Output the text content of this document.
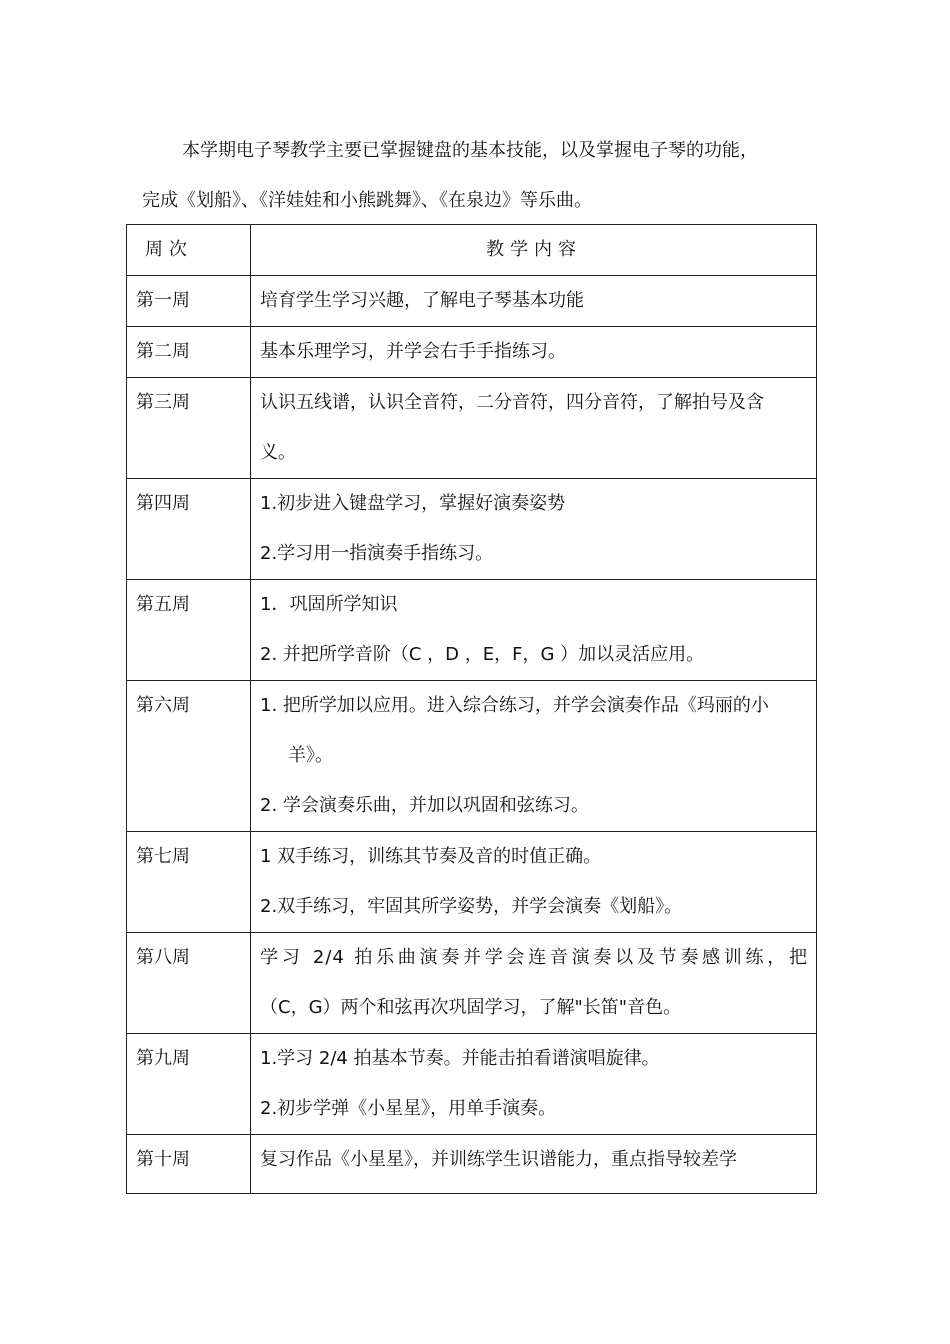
本学期电子琴教学主要已掌握键盘的基本技能，以及掌握电子琴的功能，
完成《划船》、《洋娃娃和小熊跳舞》、《在泉边》等乐曲。
周次	教学内容
第一周	培育学生学习兴趣，了解电子琴基本功能

第二周	基本乐理学习，并学会右手手指练习。

第三周	认识五线谱，认识全音符，二分音符，四分音符，了解拍号及含
义。

第四周	1.初步进入键盘学习，掌握好演奏姿势
2.学习用一指演奏手指练习。

第五周	1．巩固所学知识
2. 并把所学音阶（C ，D ，E，F，G ）加以灵活应用。

第六周	1. 把所学加以应用。进入综合练习，并学会演奏作品《玛丽的小
羊》。
2. 学会演奏乐曲，并加以巩固和弦练习。

第七周	1 双手练习，训练其节奏及音的时值正确。
2.双手练习，牢固其所学姿势，并学会演奏《划船》。

第八周	学习 2/4 拍乐曲演奏并学会连音演奏以及节奏感训练，把
（C，G）两个和弦再次巩固学习，了解"长笛"音色。

第九周	1.学习 2/4 拍基本节奏。并能击拍看谱演唱旋律。
2.初步学弹《小星星》，用单手演奏。

第十周	复习作品《小星星》，并训练学生识谱能力，重点指导较差学
